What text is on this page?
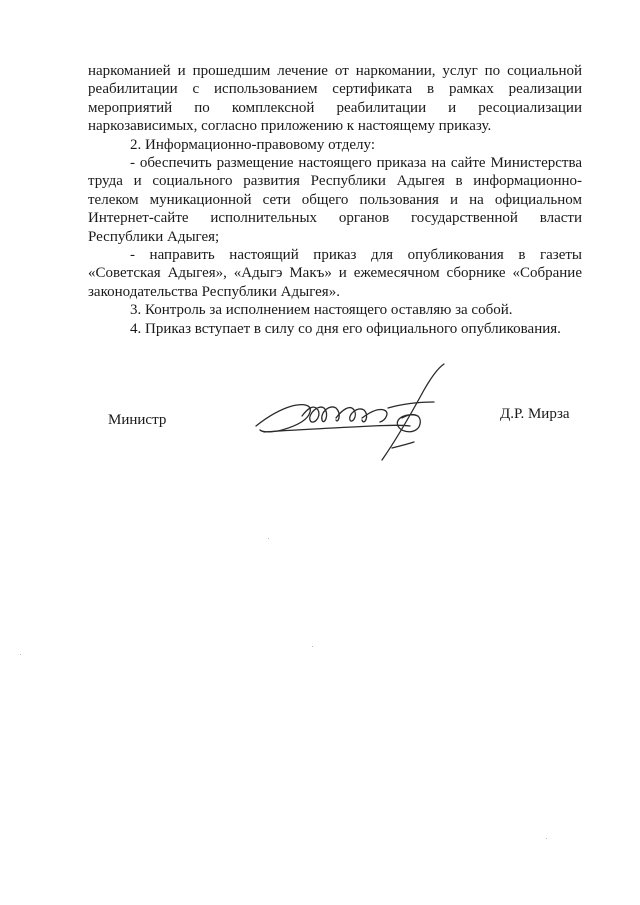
наркоманией и прошедшим лечение от наркомании, услуг по социальной реабилитации с использованием сертификата в рамках реализации мероприятий по комплексной реабилитации и ресоциализации наркозависимых, согласно приложению к настоящему приказу.

2. Информационно-правовому отделу:

- обеспечить размещение настоящего приказа на сайте Министерства труда и социального развития Республики Адыгея в информационно-телеком муникационной сети общего пользования и на официальном Интернет-сайте исполнительных органов государственной власти Республики Адыгея;

- направить настоящий приказ для опубликования в газеты «Советская Адыгея», «Адыгэ Макъ» и ежемесячном сборнике «Собрание законодательства Республики Адыгея».

3. Контроль за исполнением настоящего оставляю за собой.

4. Приказ вступает в силу со дня его официального опубликования.

Министр	Д.Р. Мирза
